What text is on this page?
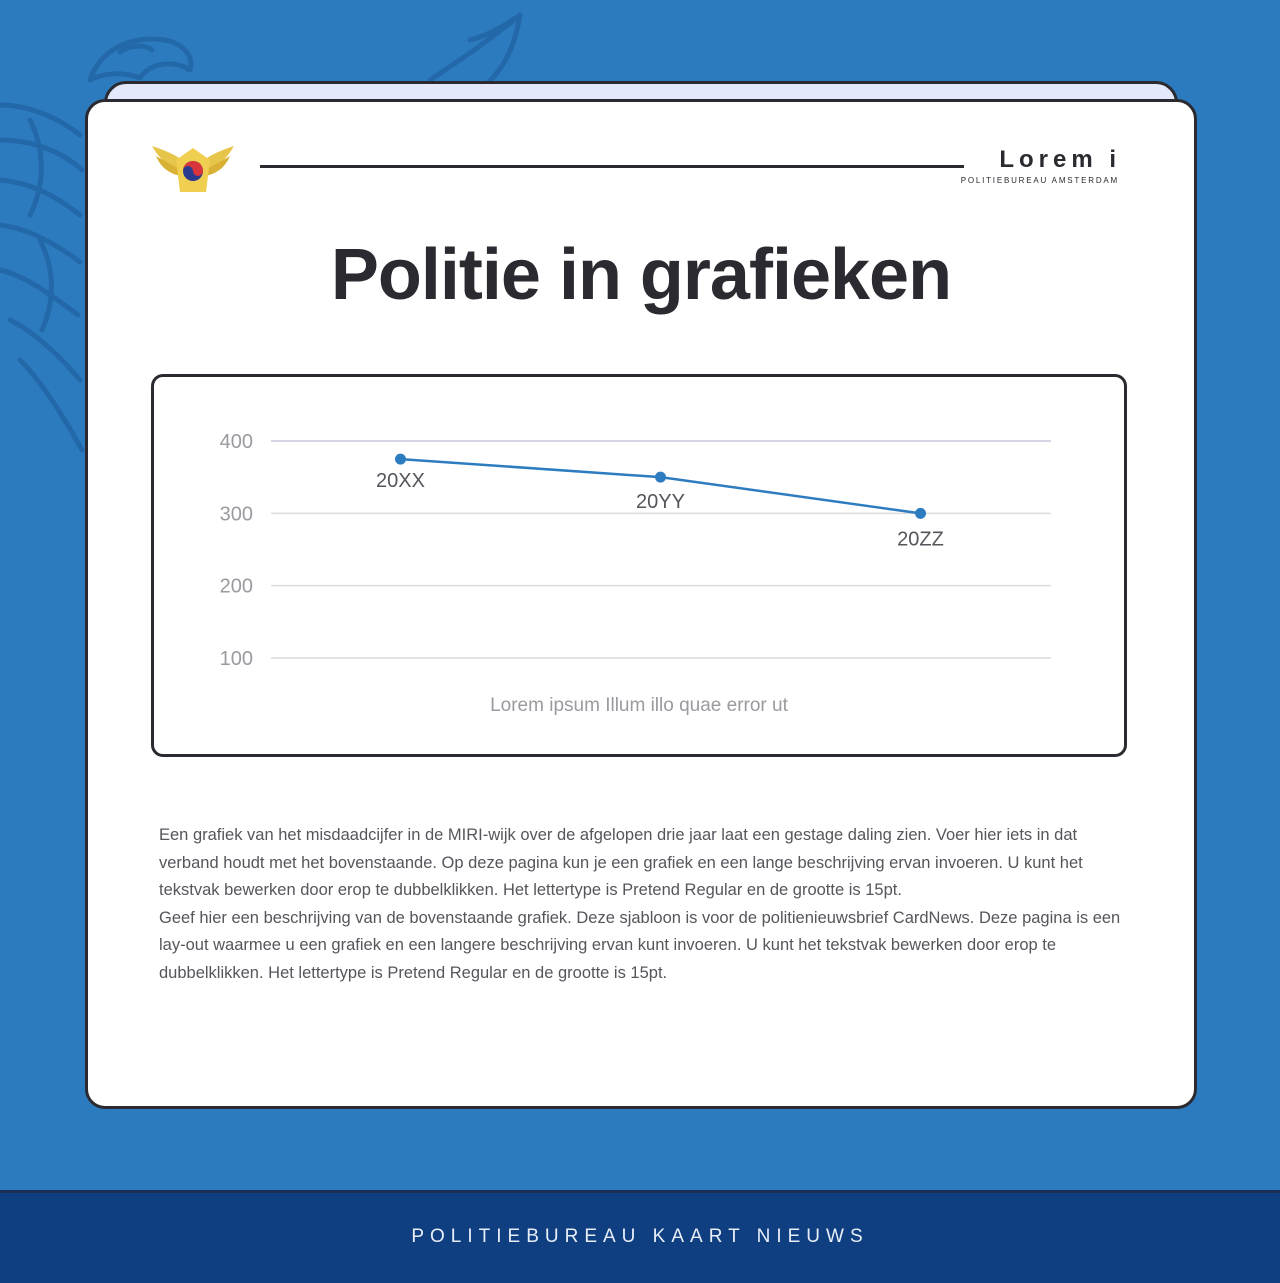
Lorem i
POLITIEBUREAU AMSTERDAM
Politie in grafieken
100
200
300
400
20XX
20YY
20ZZ
Lorem ipsum Illum illo quae error ut

Een grafiek van het misdaadcijfer in de MIRI-wijk over de afgelopen drie jaar laat een gestage daling zien. Voer hier iets in dat verband houdt met het bovenstaande. Op deze pagina kun je een grafiek en een lange beschrijving ervan invoeren. U kunt het tekstvak bewerken door erop te dubbelklikken. Het lettertype is Pretend Regular en de grootte is 15pt.

Geef hier een beschrijving van de bovenstaande grafiek. Deze sjabloon is voor de politienieuwsbrief CardNews. Deze pagina is een lay-out waarmee u een grafiek en een langere beschrijving ervan kunt invoeren. U kunt het tekstvak bewerken door erop te dubbelklikken. Het lettertype is Pretend Regular en de grootte is 15pt.

POLITIEBUREAU KAART NIEUWS
